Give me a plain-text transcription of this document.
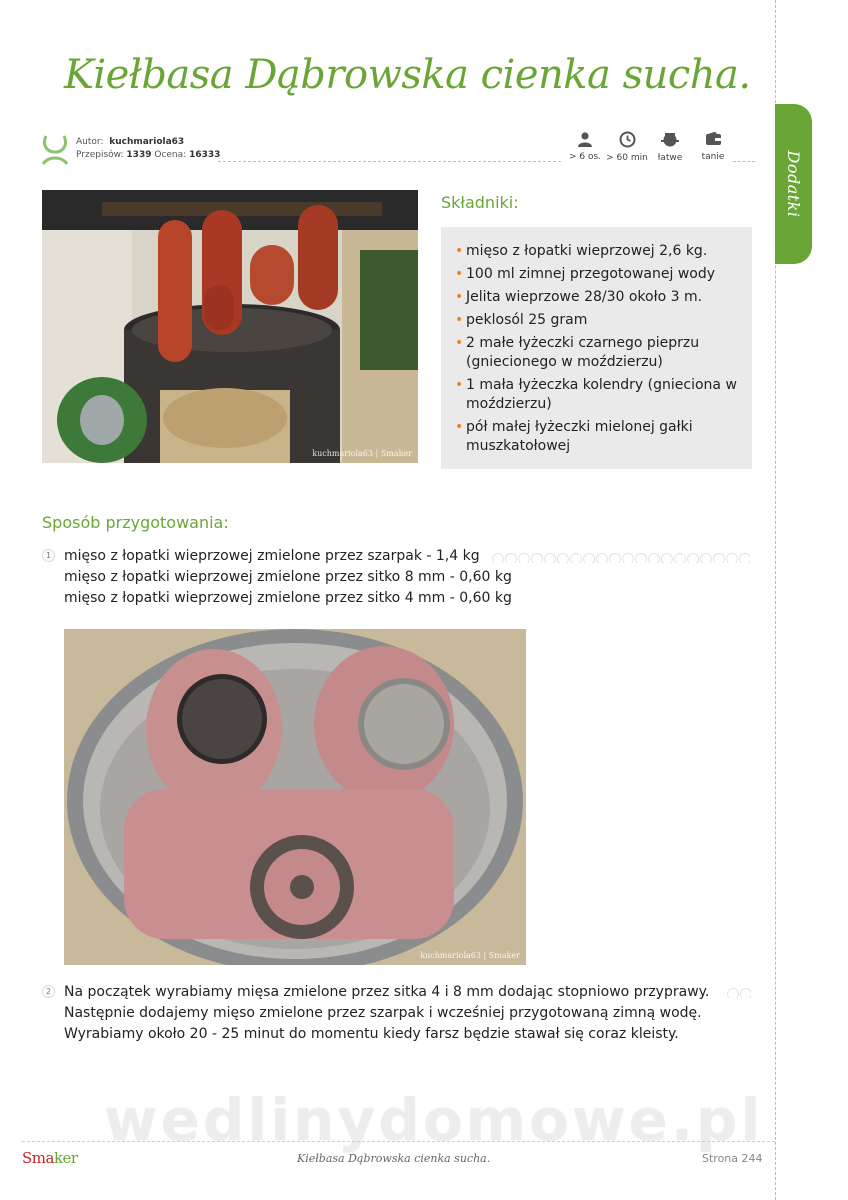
Dodatki
Kiełbasa Dąbrowska cienka sucha.
Autor: kuchmariola63
Przepisów: 1339 Ocena: 16333	> 6 os. > 60 min	łatwe	tanie
kuchmariola63 | Smaker
Składniki:
• mięso z łopatki wieprzowej 2,6 kg.
• 100 ml zimnej przegotowanej wody
• Jelita wieprzowe 28/30 około 3 m.
• peklosól 25 gram
• 2 małe łyżeczki czarnego pieprzu (gniecionego w moździerzu)
• 1 mała łyżeczka kolendry (gnieciona w moździerzu)
• pół małej łyżeczki mielonej gałki muszkatołowej
Sposób przygotowania:
1 mięso z łopatki wieprzowej zmielone przez szarpak - 1,4 kg
mięso z łopatki wieprzowej zmielone przez sitko 8 mm - 0,60 kg
mięso z łopatki wieprzowej zmielone przez sitko 4 mm - 0,60 kg
kuchmariola63 | Smaker
2 Na początek wyrabiamy mięsa zmielone przez sitka 4 i 8 mm dodając stopniowo przyprawy.
Następnie dodajemy mięso zmielone przez szarpak i wcześniej przygotowaną zimną wodę.
Wyrabiamy około 20 - 25 minut do momentu kiedy farsz będzie stawał się coraz kleisty.
wedlinydomowe.pl
Smaker	Kiełbasa Dąbrowska cienka sucha.	Strona 244
